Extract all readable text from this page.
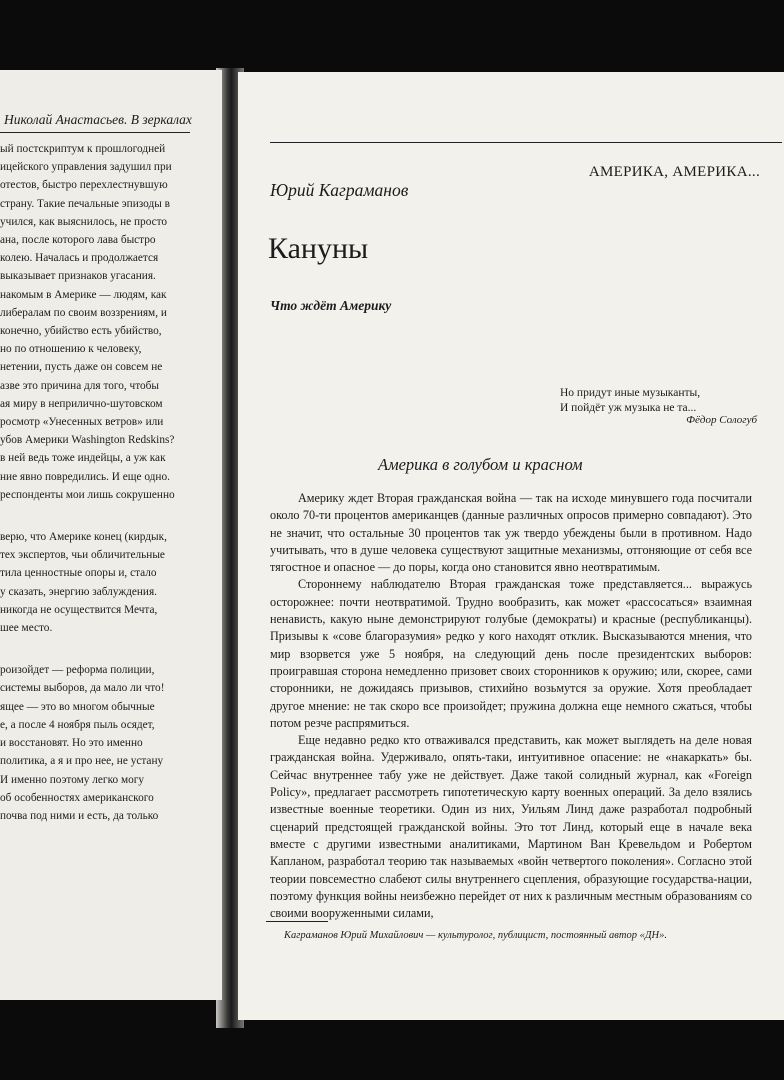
Николай Анастасьев. В зеркалах
ый постскриптум к прошлогодней
ицейского управления задушил при
отестов, быстро перехлестнувшую
страну. Такие печальные эпизоды в
учился, как выяснилось, не просто
ана, после которого лава быстро
колею. Началась и продолжается
выказывает признаков угасания.
накомым в Америке — людям, как
либералам по своим воззрениям, и
конечно, убийство есть убийство,
но по отношению к человеку,
нетении, пусть даже он совсем не
азве это причина для того, чтобы
ая миру в неприлично-шутовском
росмотр «Унесенных ветров» или
убов Америки Washington Redskins?
в ней ведь тоже индейцы, а уж как
ние явно повредились. И еще одно.
респонденты мои лишь сокрушенно
верю, что Америке конец (кирдык,
тех экспертов, чьи обличительные
тила ценностные опоры и, стало
у сказать, энергию заблуждения.
никогда не осуществится Мечта,
шее место.
роизойдет — реформа полиции,
системы выборов, да мало ли что!
ящее — это во многом обычные
е, а после 4 ноября пыль осядет,
и восстановят. Но это именно
политика, а я и про нее, не устану
И именно поэтому легко могу
об особенностях американского
почва под ними и есть, да только
АМЕРИКА, АМЕРИКА...
Юрий Каграманов
Кануны
Что ждёт Америку
Но придут иные музыканты,
И пойдёт уж музыка не та...
Фёдор Сологуб
Америка в голубом и красном

Америку ждет Вторая гражданская война — так на исходе минувшего года посчитали около 70-ти процентов американцев (данные различных опросов примерно совпадают). Это не значит, что остальные 30 процентов так уж твердо убеждены были в противном. Надо учитывать, что в душе человека существуют защитные механизмы, отгоняющие от себя все тягостное и опасное — до поры, когда оно становится явно неотвратимым.

Стороннему наблюдателю Вторая гражданская тоже представляется... выражусь осторожнее: почти неотвратимой. Трудно вообразить, как может «рассосаться» взаимная ненависть, какую ныне демонстрируют голубые (демократы) и красные (республиканцы). Призывы к «сове благоразумия» редко у кого находят отклик. Высказываются мнения, что мир взорвется уже 5 ноября, на следующий день после президентских выборов: проигравшая сторона немедленно призовет своих сторонников к оружию; или, скорее, сами сторонники, не дожидаясь призывов, стихийно возьмутся за оружие. Хотя преобладает другое мнение: не так скоро все произойдет; пружина должна еще немного сжаться, чтобы потом резче распрямиться.

Еще недавно редко кто отваживался представить, как может выглядеть на деле новая гражданская война. Удерживало, опять-таки, интуитивное опасение: не «накаркать» бы. Сейчас внутреннее табу уже не действует. Даже такой солидный журнал, как «Foreign Policy», предлагает рассмотреть гипотетическую карту военных операций. За дело взялись известные военные теоретики. Один из них, Уильям Линд даже разработал подробный сценарий предстоящей гражданской войны. Это тот Линд, который еще в начале века вместе с другими известными аналитиками, Мартином Ван Кревельдом и Робертом Капланом, разработал теорию так называемых «войн четвертого поколения». Согласно этой теории повсеместно слабеют силы внутреннего сцепления, образующие государства-нации, поэтому функция войны неизбежно перейдет от них к различным местным образованиям со своими вооруженными силами,

Каграманов Юрий Михайлович — культуролог, публицист, постоянный автор «ДН».
